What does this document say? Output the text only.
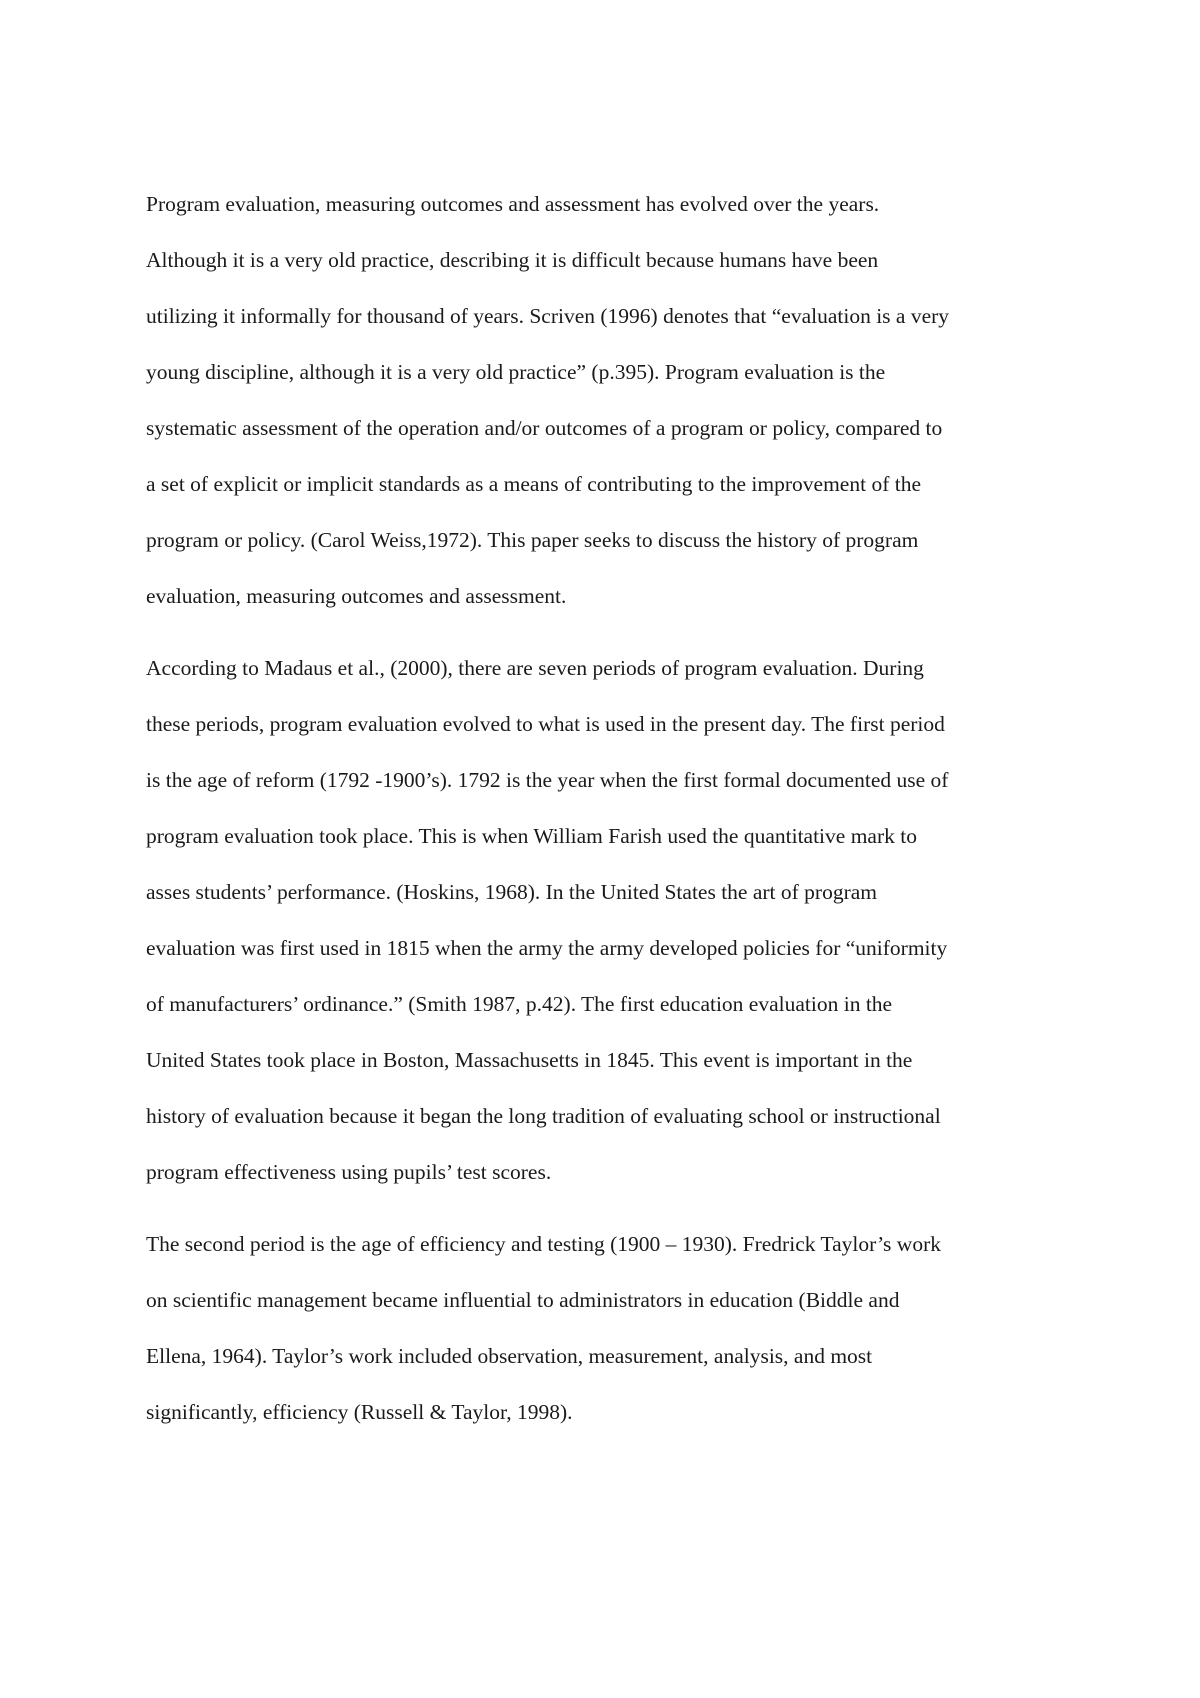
Program evaluation, measuring outcomes and assessment has evolved over the years.
Although it is a very old practice, describing it is difficult because humans have been
utilizing it informally for thousand of years. Scriven (1996) denotes that “evaluation is a very
young discipline, although it is a very old practice” (p.395). Program evaluation is the
systematic assessment of the operation and/or outcomes of a program or policy, compared to
a set of explicit or implicit standards as a means of contributing to the improvement of the
program or policy. (Carol Weiss,1972). This paper seeks to discuss the history of program
evaluation, measuring outcomes and assessment.

According to Madaus et al., (2000), there are seven periods of program evaluation. During
these periods, program evaluation evolved to what is used in the present day. The first period
is the age of reform (1792 -1900’s). 1792 is the year when the first formal documented use of
program evaluation took place. This is when William Farish used the quantitative mark to
asses students’ performance. (Hoskins, 1968). In the United States the art of program
evaluation was first used in 1815 when the army the army developed policies for “uniformity
of manufacturers’ ordinance.” (Smith 1987, p.42). The first education evaluation in the
United States took place in Boston, Massachusetts in 1845. This event is important in the
history of evaluation because it began the long tradition of evaluating school or instructional
program effectiveness using pupils’ test scores.

The second period is the age of efficiency and testing (1900 – 1930). Fredrick Taylor’s work
on scientific management became influential to administrators in education (Biddle and
Ellena, 1964). Taylor’s work included observation, measurement, analysis, and most
significantly, efficiency (Russell & Taylor, 1998).
